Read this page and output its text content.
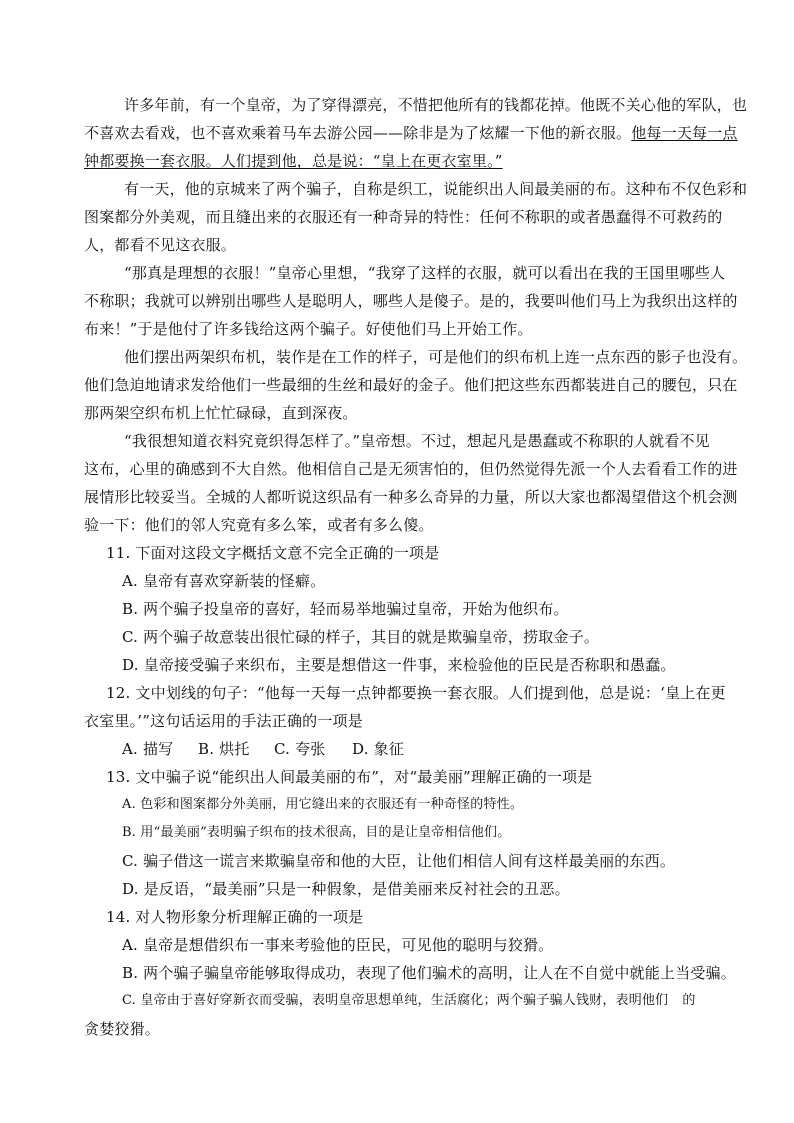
许多年前，有一个皇帝，为了穿得漂亮，不惜把他所有的钱都花掉。他既不关心他的军队，也
不喜欢去看戏，也不喜欢乘着马车去游公园——除非是为了炫耀一下他的新衣服。他每一天每一点
钟都要换一套衣服。人们提到他，总是说：“皇上在更衣室里。”
有一天，他的京城来了两个骗子，自称是织工，说能织出人间最美丽的布。这种布不仅色彩和
图案都分外美观，而且缝出来的衣服还有一种奇异的特性：任何不称职的或者愚蠢得不可救药的
人，都看不见这衣服。
“那真是理想的衣服！”皇帝心里想，“我穿了这样的衣服，就可以看出在我的王国里哪些人
不称职；我就可以辨别出哪些人是聪明人，哪些人是傻子。是的，我要叫他们马上为我织出这样的
布来！”于是他付了许多钱给这两个骗子。好使他们马上开始工作。
他们摆出两架织布机，装作是在工作的样子，可是他们的织布机上连一点东西的影子也没有。
他们急迫地请求发给他们一些最细的生丝和最好的金子。他们把这些东西都装进自己的腰包，只在
那两架空织布机上忙忙碌碌，直到深夜。
“我很想知道衣料究竟织得怎样了。”皇帝想。不过，想起凡是愚蠢或不称职的人就看不见
这布，心里的确感到不大自然。他相信自己是无须害怕的，但仍然觉得先派一个人去看看工作的进
展情形比较妥当。全城的人都听说这织品有一种多么奇异的力量，所以大家也都渴望借这个机会测
验一下：他们的邻人究竟有多么笨，或者有多么傻。
11. 下面对这段文字概括文意不完全正确的一项是
A. 皇帝有喜欢穿新装的怪癖。
B. 两个骗子投皇帝的喜好，轻而易举地骗过皇帝，开始为他织布。
C. 两个骗子故意装出很忙碌的样子，其目的就是欺骗皇帝，捞取金子。
D. 皇帝接受骗子来织布，主要是想借这一件事，来检验他的臣民是否称职和愚蠢。
12. 文中划线的句子：“他每一天每一点钟都要换一套衣服。人们提到他，总是说：‘皇上在更
衣室里。’”这句话运用的手法正确的一项是
A. 描写 B. 烘托 C. 夸张 D. 象征
13. 文中骗子说“能织出人间最美丽的布”，对“最美丽”理解正确的一项是
A. 色彩和图案都分外美丽，用它缝出来的衣服还有一种奇怪的特性。
B. 用“最美丽”表明骗子织布的技术很高，目的是让皇帝相信他们。
C. 骗子借这一谎言来欺骗皇帝和他的大臣，让他们相信人间有这样最美丽的东西。
D. 是反语，“最美丽”只是一种假象，是借美丽来反衬社会的丑恶。
14. 对人物形象分析理解正确的一项是
A. 皇帝是想借织布一事来考验他的臣民，可见他的聪明与狡猾。
B. 两个骗子骗皇帝能够取得成功，表现了他们骗术的高明，让人在不自觉中就能上当受骗。
C. 皇帝由于喜好穿新衣而受骗，表明皇帝思想单纯，生活腐化；两个骗子骗人钱财，表明他们 的
贪婪狡猾。
